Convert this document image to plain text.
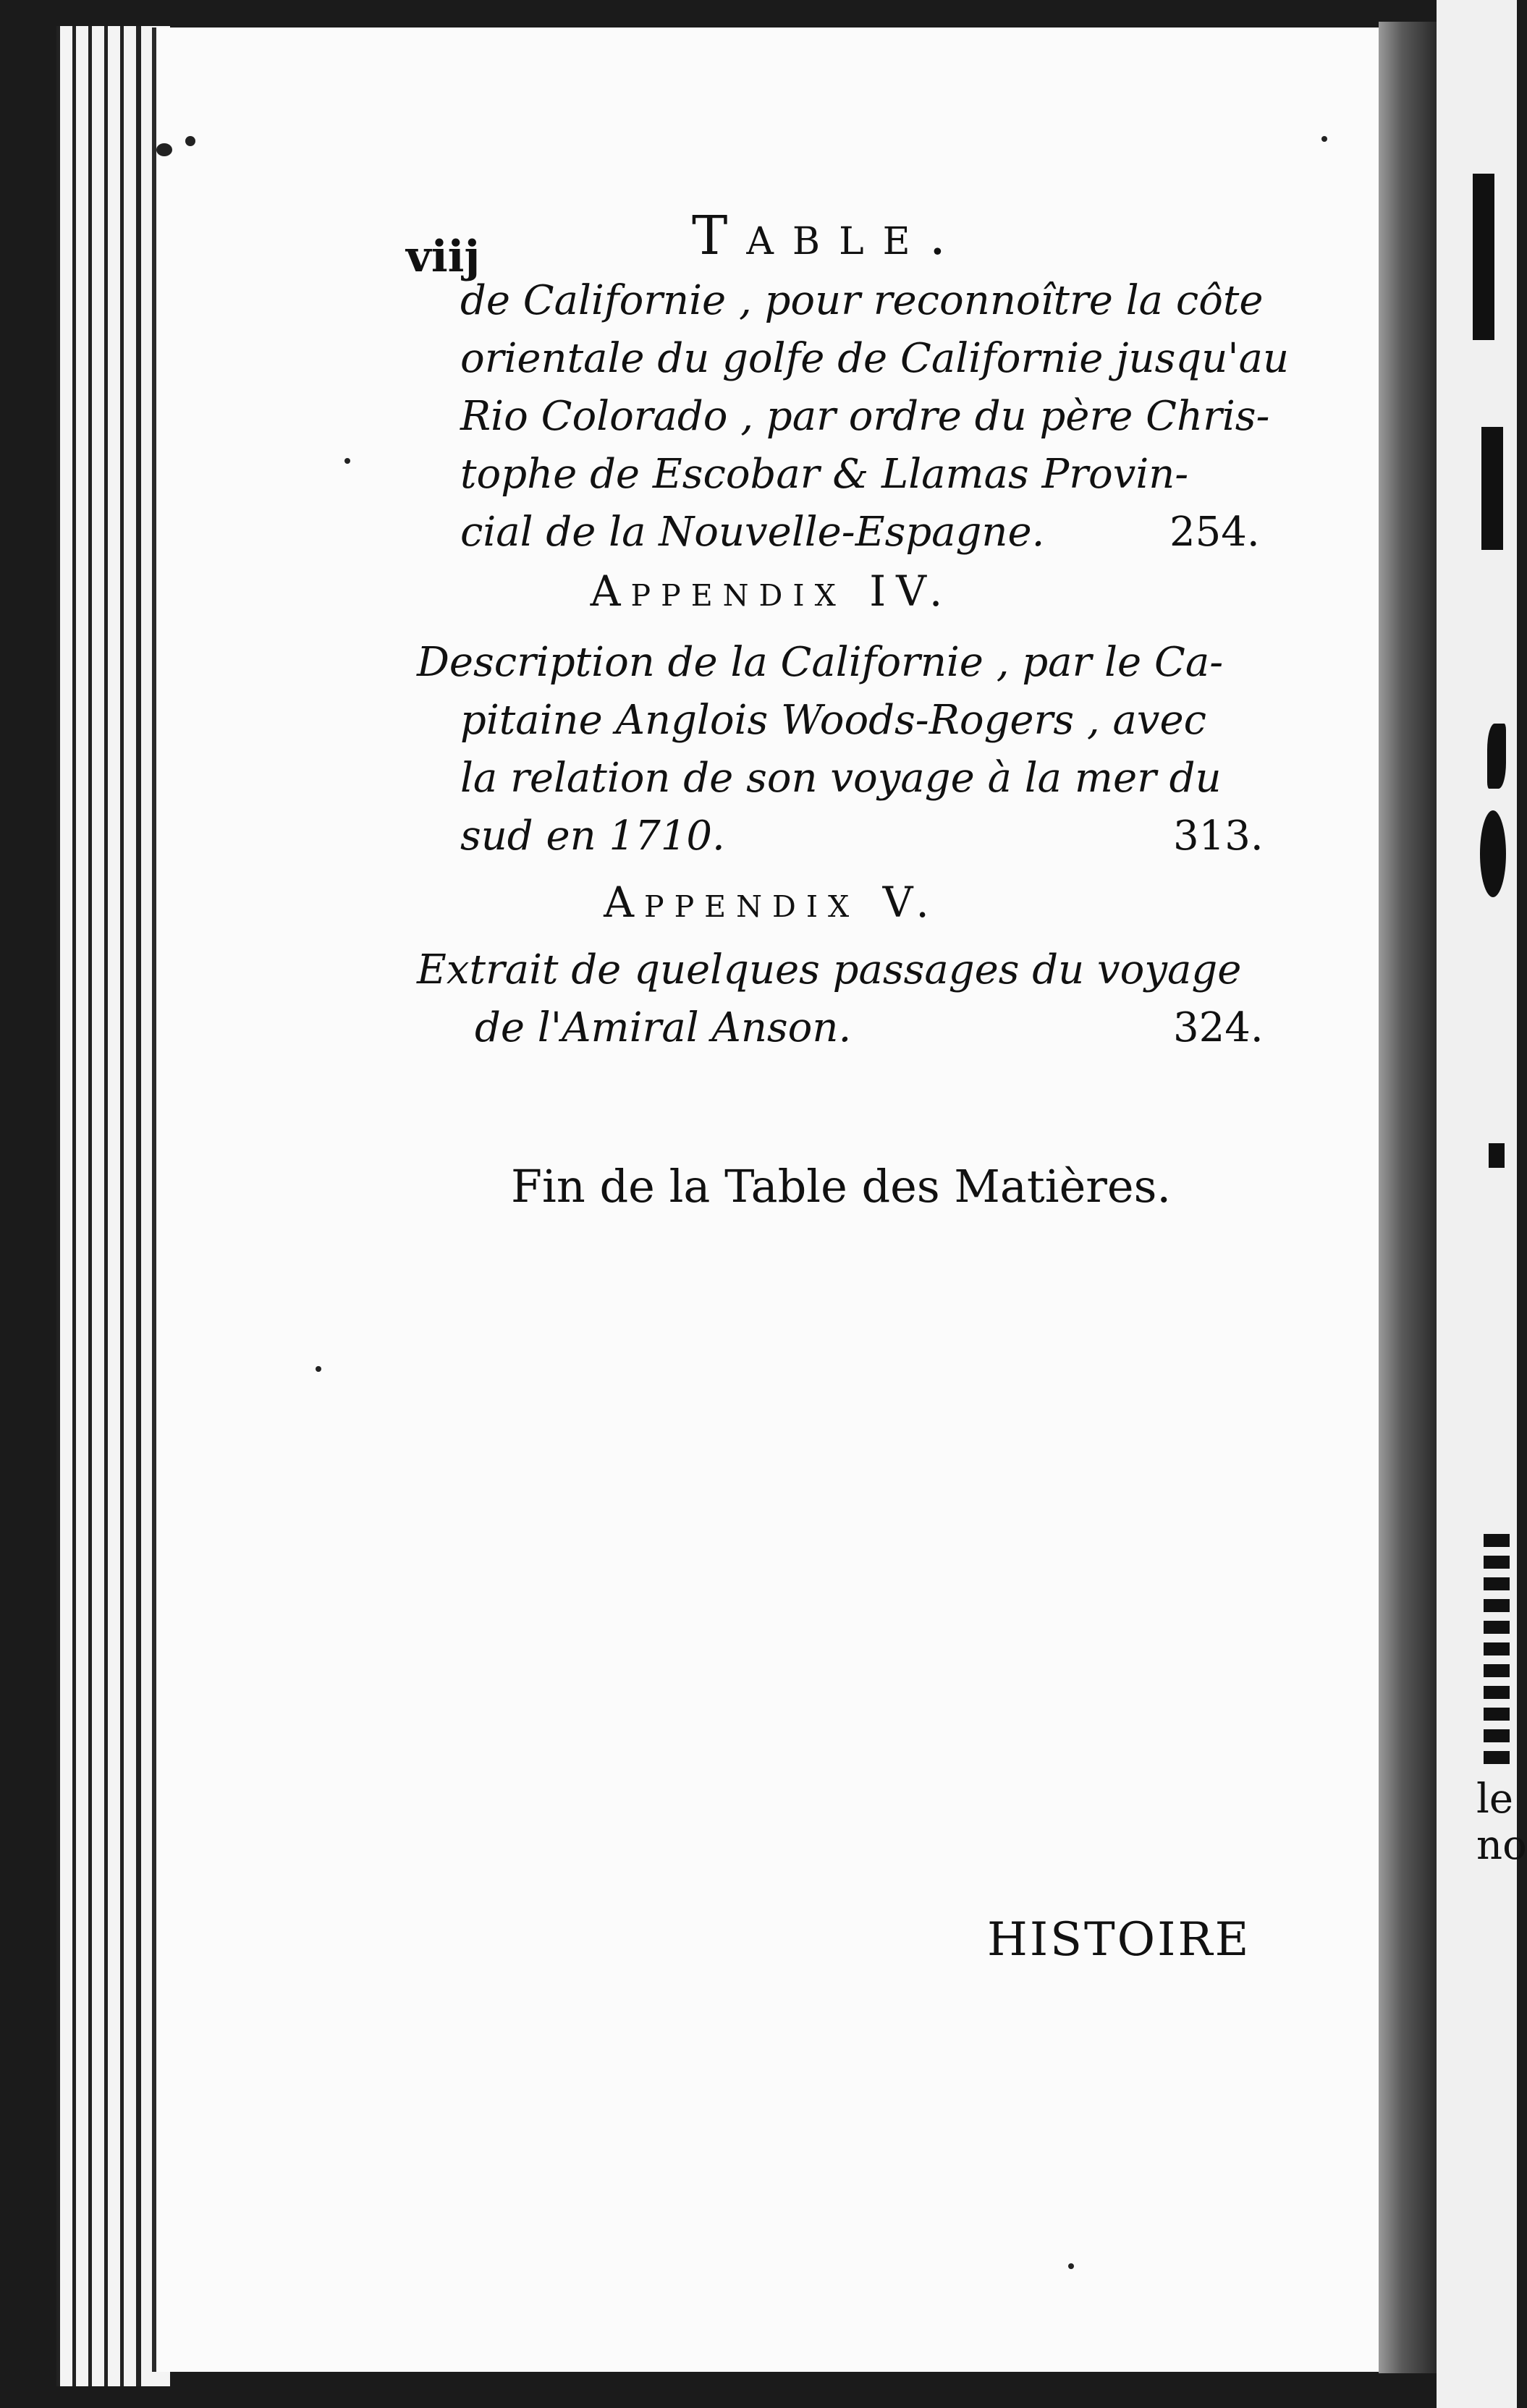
viij	Table.
de Californie , pour reconnoître la côte
orientale du golfe de Californie jusqu'au
Rio Colorado , par ordre du père Chris-
tophe de Escobar & Llamas Provin-
cial de la Nouvelle-Espagne.	254.
Appendix IV.
Description de la Californie , par le Ca-
pitaine Anglois Woods-Rogers , avec
la relation de son voyage à la mer du
sud en 1710.	313.
Appendix V.
Extrait de quelques passages du voyage
de l'Amiral Anson.	324.
Fin de la Table des Matières.
HISTOIRE
le
no
